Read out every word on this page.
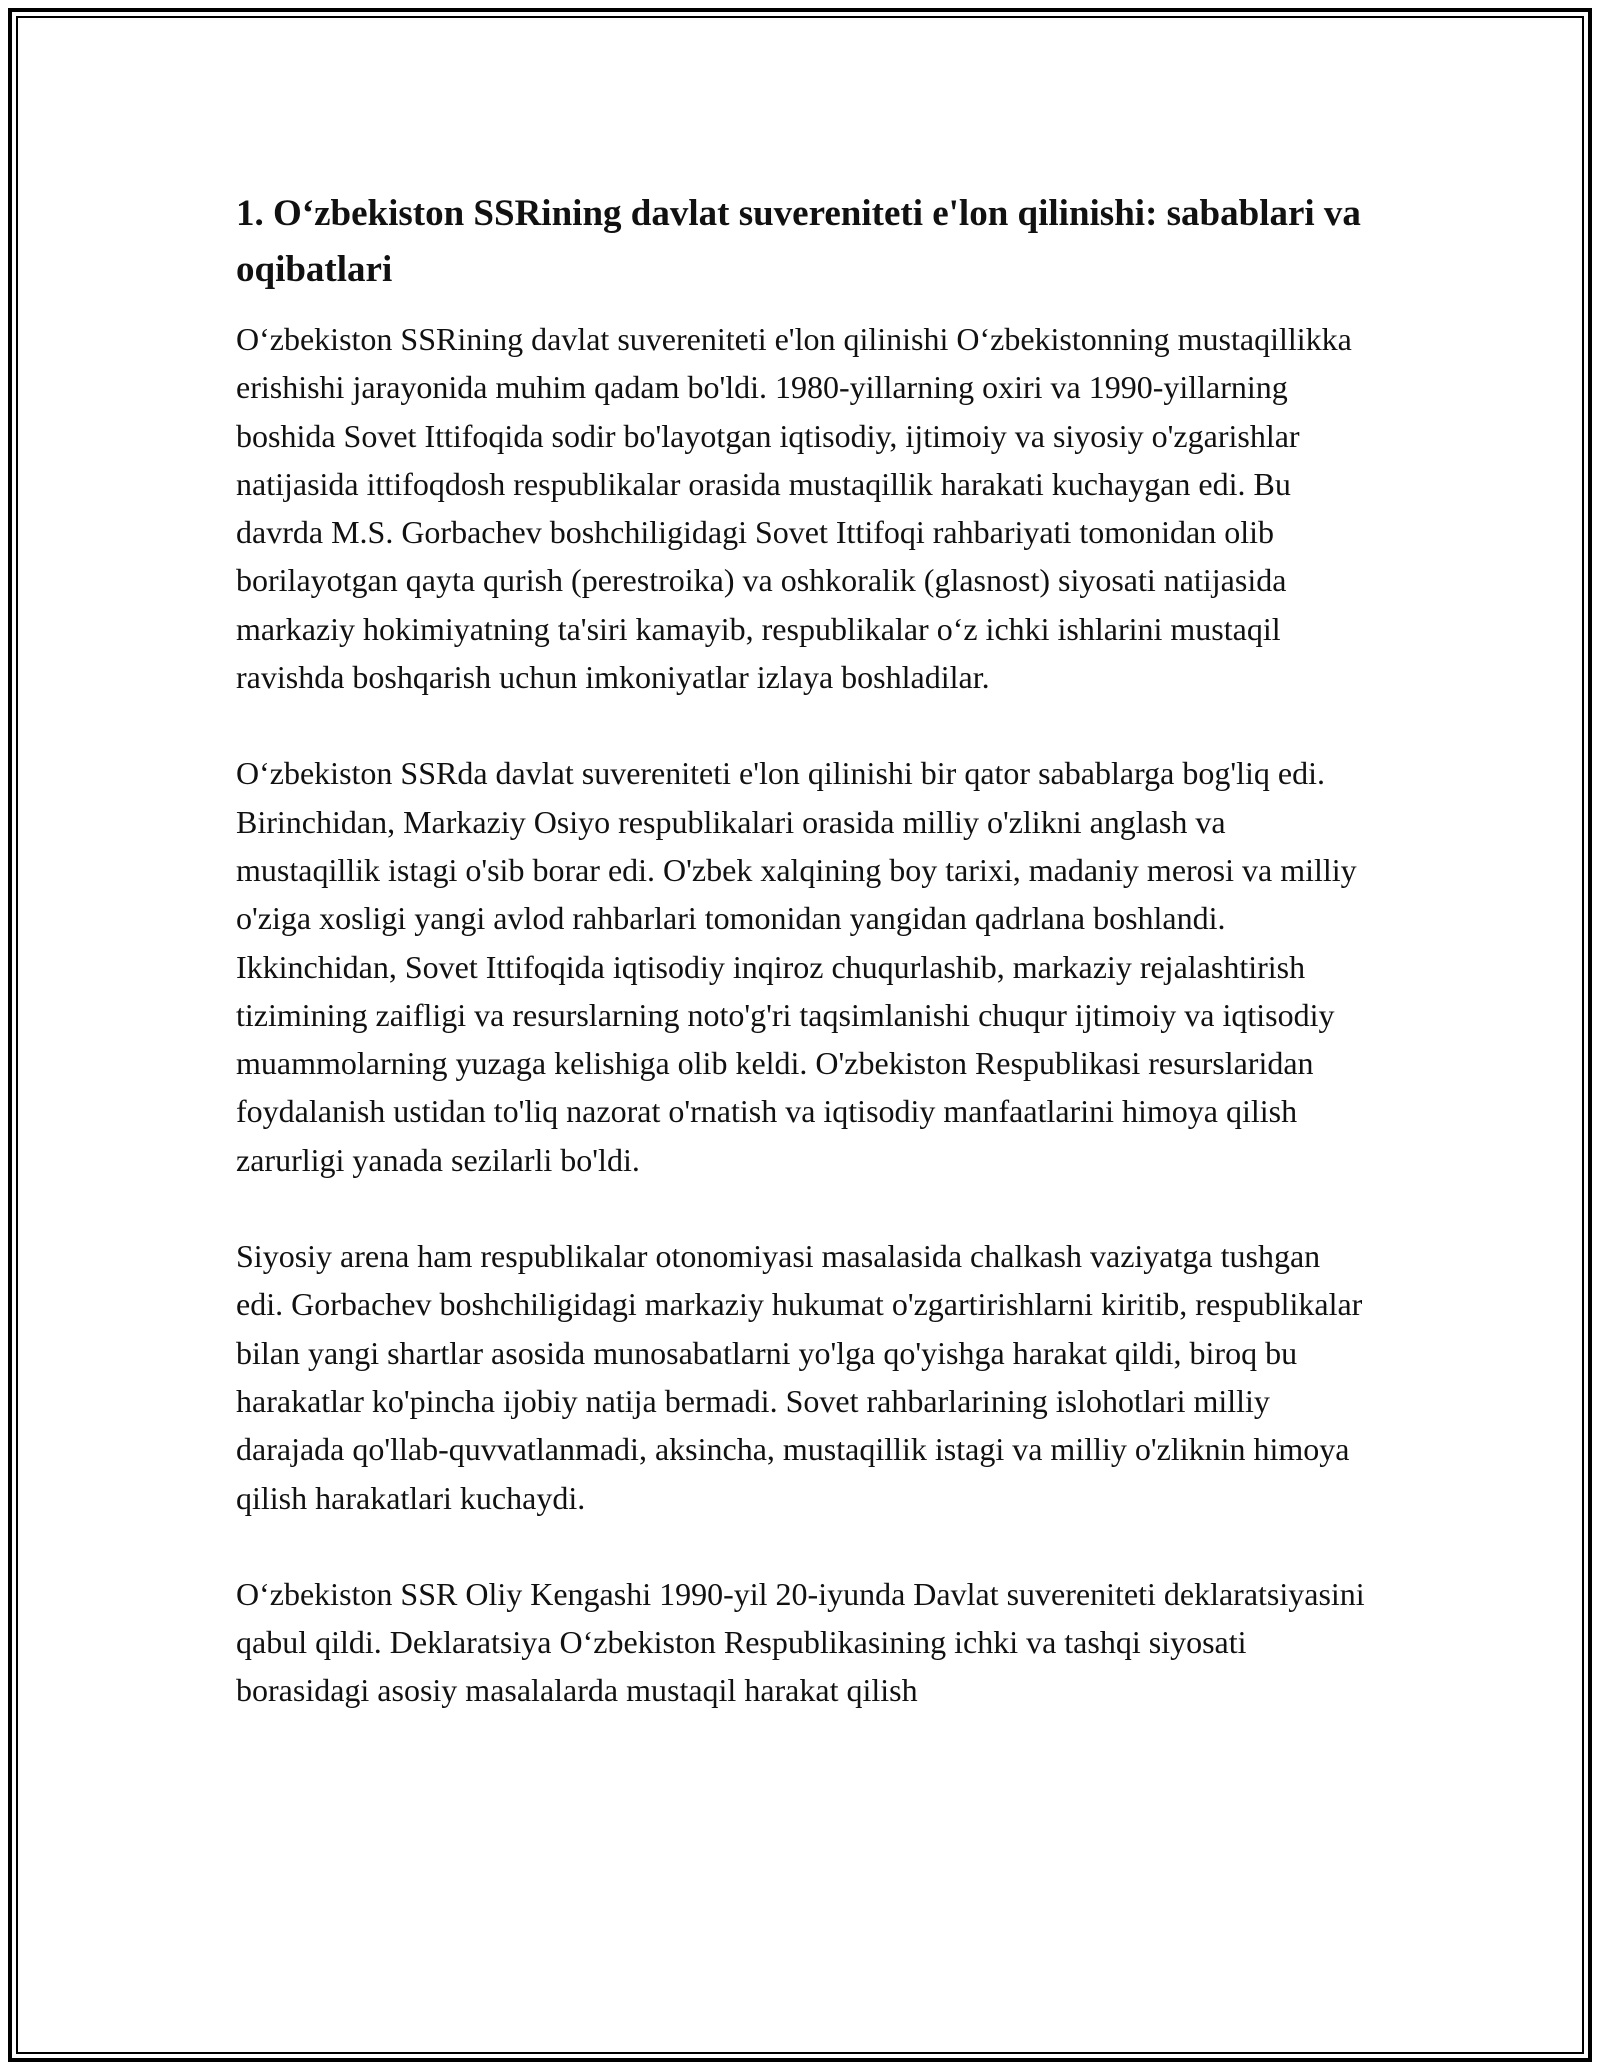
1. O‘zbekiston SSRining davlat suvereniteti e'lon qilinishi: sabablari va oqibatlari

O‘zbekiston SSRining davlat suvereniteti e'lon qilinishi O‘zbekistonning mustaqillikka erishishi jarayonida muhim qadam bo'ldi. 1980-yillarning oxiri va 1990-yillarning boshida Sovet Ittifoqida sodir bo'layotgan iqtisodiy, ijtimoiy va siyosiy o'zgarishlar natijasida ittifoqdosh respublikalar orasida mustaqillik harakati kuchaygan edi. Bu davrda M.S. Gorbachev boshchiligidagi Sovet Ittifoqi rahbariyati tomonidan olib borilayotgan qayta qurish (perestroika) va oshkoralik (glasnost) siyosati natijasida markaziy hokimiyatning ta'siri kamayib, respublikalar o‘z ichki ishlarini mustaqil ravishda boshqarish uchun imkoniyatlar izlaya boshladilar.

O‘zbekiston SSRda davlat suvereniteti e'lon qilinishi bir qator sabablarga bog'liq edi. Birinchidan, Markaziy Osiyo respublikalari orasida milliy o'zlikni anglash va mustaqillik istagi o'sib borar edi. O'zbek xalqining boy tarixi, madaniy merosi va milliy o'ziga xosligi yangi avlod rahbarlari tomonidan yangidan qadrlana boshlandi. Ikkinchidan, Sovet Ittifoqida iqtisodiy inqiroz chuqurlashib, markaziy rejalashtirish tizimining zaifligi va resurslarning noto'g'ri taqsimlanishi chuqur ijtimoiy va iqtisodiy muammolarning yuzaga kelishiga olib keldi. O'zbekiston Respublikasi resurslaridan foydalanish ustidan to'liq nazorat o'rnatish va iqtisodiy manfaatlarini himoya qilish zarurligi yanada sezilarli bo'ldi.

Siyosiy arena ham respublikalar otonomiyasi masalasida chalkash vaziyatga tushgan edi. Gorbachev boshchiligidagi markaziy hukumat o'zgartirishlarni kiritib, respublikalar bilan yangi shartlar asosida munosabatlarni yo'lga qo'yishga harakat qildi, biroq bu harakatlar ko'pincha ijobiy natija bermadi. Sovet rahbarlarining islohotlari milliy darajada qo'llab-quvvatlanmadi, aksincha, mustaqillik istagi va milliy o'zliknin himoya qilish harakatlari kuchaydi.

O‘zbekiston SSR Oliy Kengashi 1990-yil 20-iyunda Davlat suvereniteti deklaratsiyasini qabul qildi. Deklaratsiya O‘zbekiston Respublikasining ichki va tashqi siyosati borasidagi asosiy masalalarda mustaqil harakat qilish
